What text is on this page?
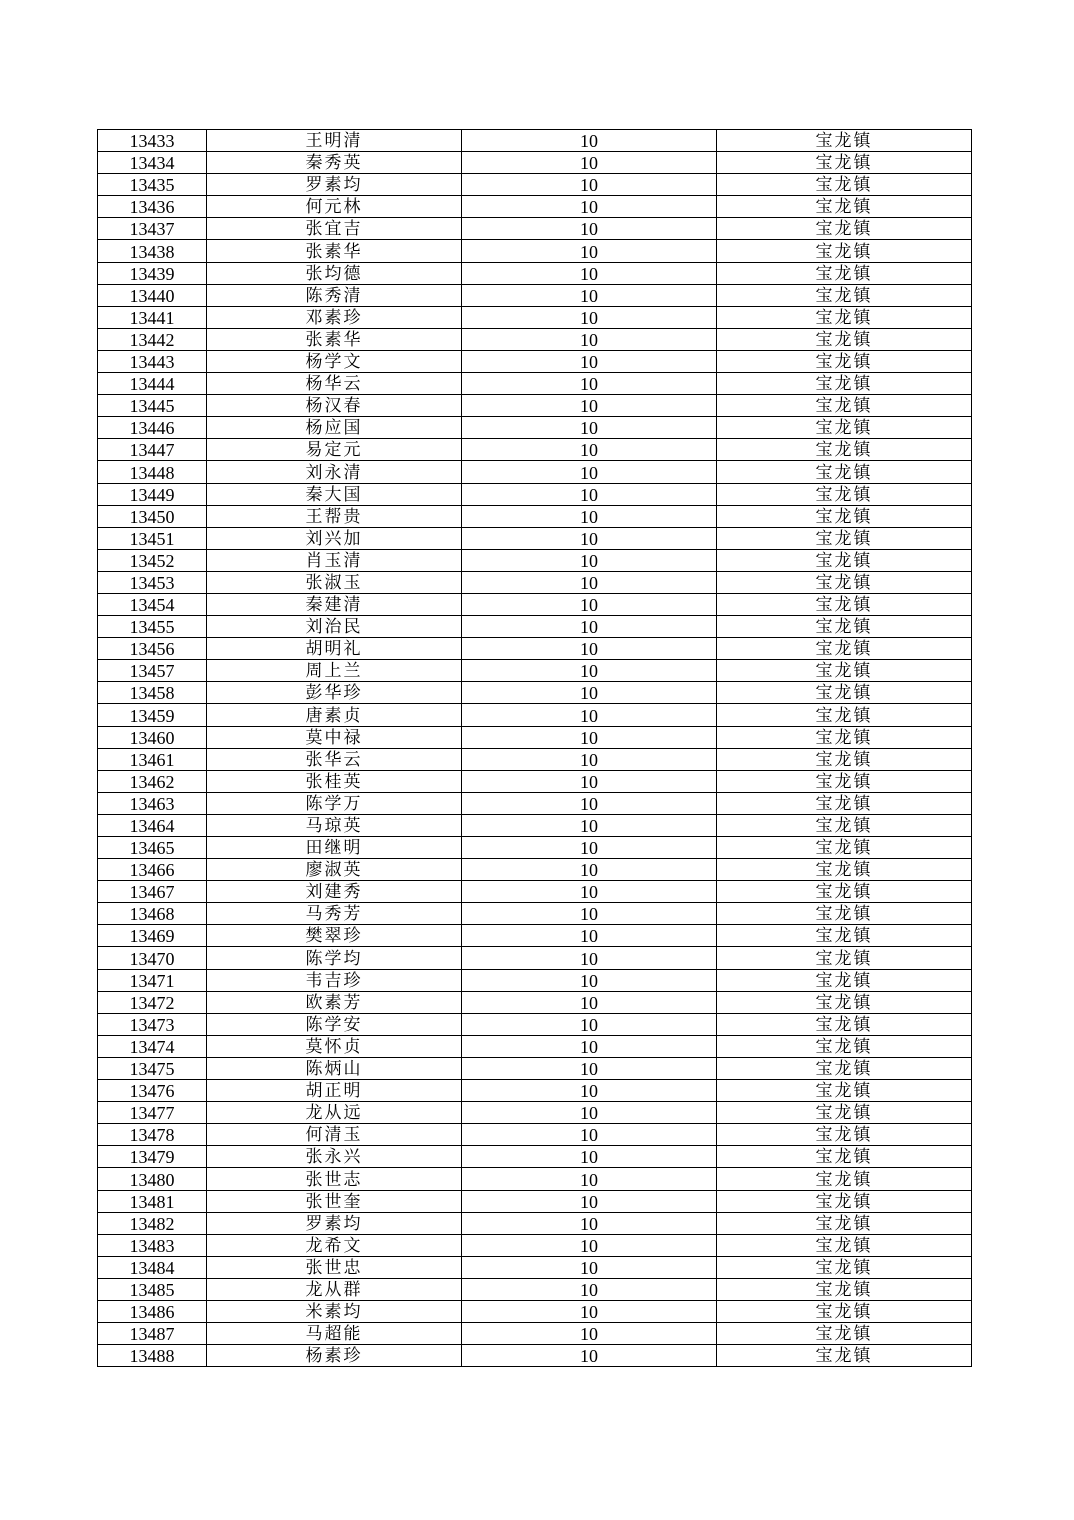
13433	王明清	10	宝龙镇
13434	秦秀英	10	宝龙镇
13435	罗素均	10	宝龙镇
13436	何元林	10	宝龙镇
13437	张宜吉	10	宝龙镇
13438	张素华	10	宝龙镇
13439	张均德	10	宝龙镇
13440	陈秀清	10	宝龙镇
13441	邓素珍	10	宝龙镇
13442	张素华	10	宝龙镇
13443	杨学文	10	宝龙镇
13444	杨华云	10	宝龙镇
13445	杨汉春	10	宝龙镇
13446	杨应国	10	宝龙镇
13447	易定元	10	宝龙镇
13448	刘永清	10	宝龙镇
13449	秦大国	10	宝龙镇
13450	王帮贵	10	宝龙镇
13451	刘兴加	10	宝龙镇
13452	肖玉清	10	宝龙镇
13453	张淑玉	10	宝龙镇
13454	秦建清	10	宝龙镇
13455	刘治民	10	宝龙镇
13456	胡明礼	10	宝龙镇
13457	周上兰	10	宝龙镇
13458	彭华珍	10	宝龙镇
13459	唐素贞	10	宝龙镇
13460	莫中禄	10	宝龙镇
13461	张华云	10	宝龙镇
13462	张桂英	10	宝龙镇
13463	陈学万	10	宝龙镇
13464	马琼英	10	宝龙镇
13465	田继明	10	宝龙镇
13466	廖淑英	10	宝龙镇
13467	刘建秀	10	宝龙镇
13468	马秀芳	10	宝龙镇
13469	樊翠珍	10	宝龙镇
13470	陈学均	10	宝龙镇
13471	韦吉珍	10	宝龙镇
13472	欧素芳	10	宝龙镇
13473	陈学安	10	宝龙镇
13474	莫怀贞	10	宝龙镇
13475	陈炳山	10	宝龙镇
13476	胡正明	10	宝龙镇
13477	龙从远	10	宝龙镇
13478	何清玉	10	宝龙镇
13479	张永兴	10	宝龙镇
13480	张世志	10	宝龙镇
13481	张世奎	10	宝龙镇
13482	罗素均	10	宝龙镇
13483	龙希文	10	宝龙镇
13484	张世忠	10	宝龙镇
13485	龙从群	10	宝龙镇
13486	米素均	10	宝龙镇
13487	马超能	10	宝龙镇
13488	杨素珍	10	宝龙镇
